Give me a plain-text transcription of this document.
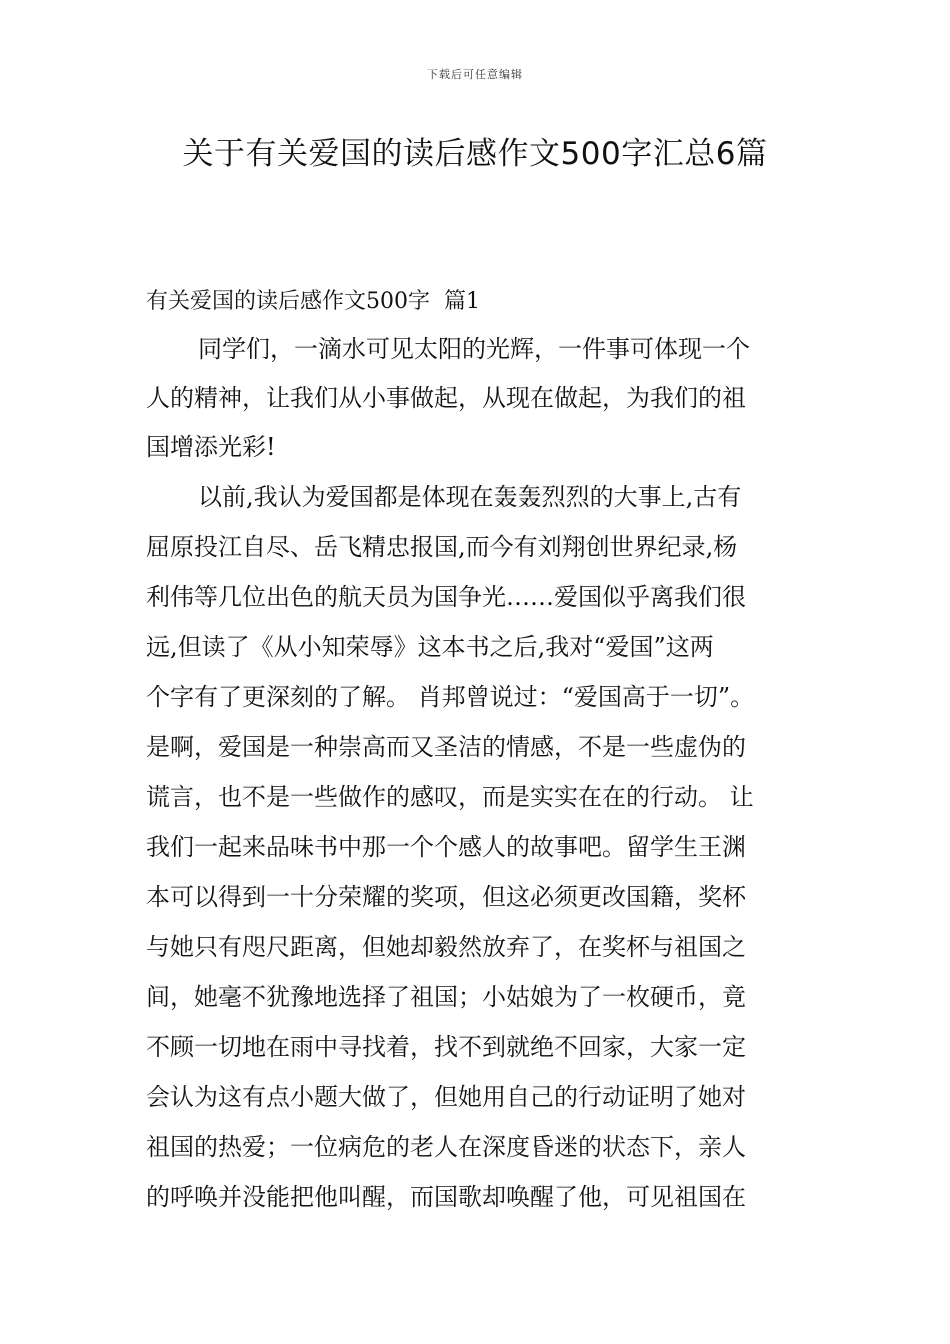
下载后可任意编辑
关于有关爱国的读后感作文500字汇总6篇
有关爱国的读后感作文500字  篇1
同学们，一滴水可见太阳的光辉，一件事可体现一个
人的精神，让我们从小事做起，从现在做起，为我们的祖
国增添光彩!
以前,我认为爱国都是体现在轰轰烈烈的大事上,古有
屈原投江自尽、岳飞精忠报国,而今有刘翔创世界纪录,杨
利伟等几位出色的航天员为国争光……爱国似乎离我们很
远,但读了《从小知荣辱》这本书之后,我对“爱国”这两
个字有了更深刻的了解。 肖邦曾说过：“爱国高于一切”。
是啊，爱国是一种崇高而又圣洁的情感，不是一些虚伪的
谎言，也不是一些做作的感叹，而是实实在在的行动。 让
我们一起来品味书中那一个个感人的故事吧。留学生王渊
本可以得到一十分荣耀的奖项，但这必须更改国籍，奖杯
与她只有咫尺距离，但她却毅然放弃了，在奖杯与祖国之
间，她毫不犹豫地选择了祖国；小姑娘为了一枚硬币，竟
不顾一切地在雨中寻找着，找不到就绝不回家，大家一定
会认为这有点小题大做了，但她用自己的行动证明了她对
祖国的热爱；一位病危的老人在深度昏迷的状态下，亲人
的呼唤并没能把他叫醒，而国歌却唤醒了他，可见祖国在
